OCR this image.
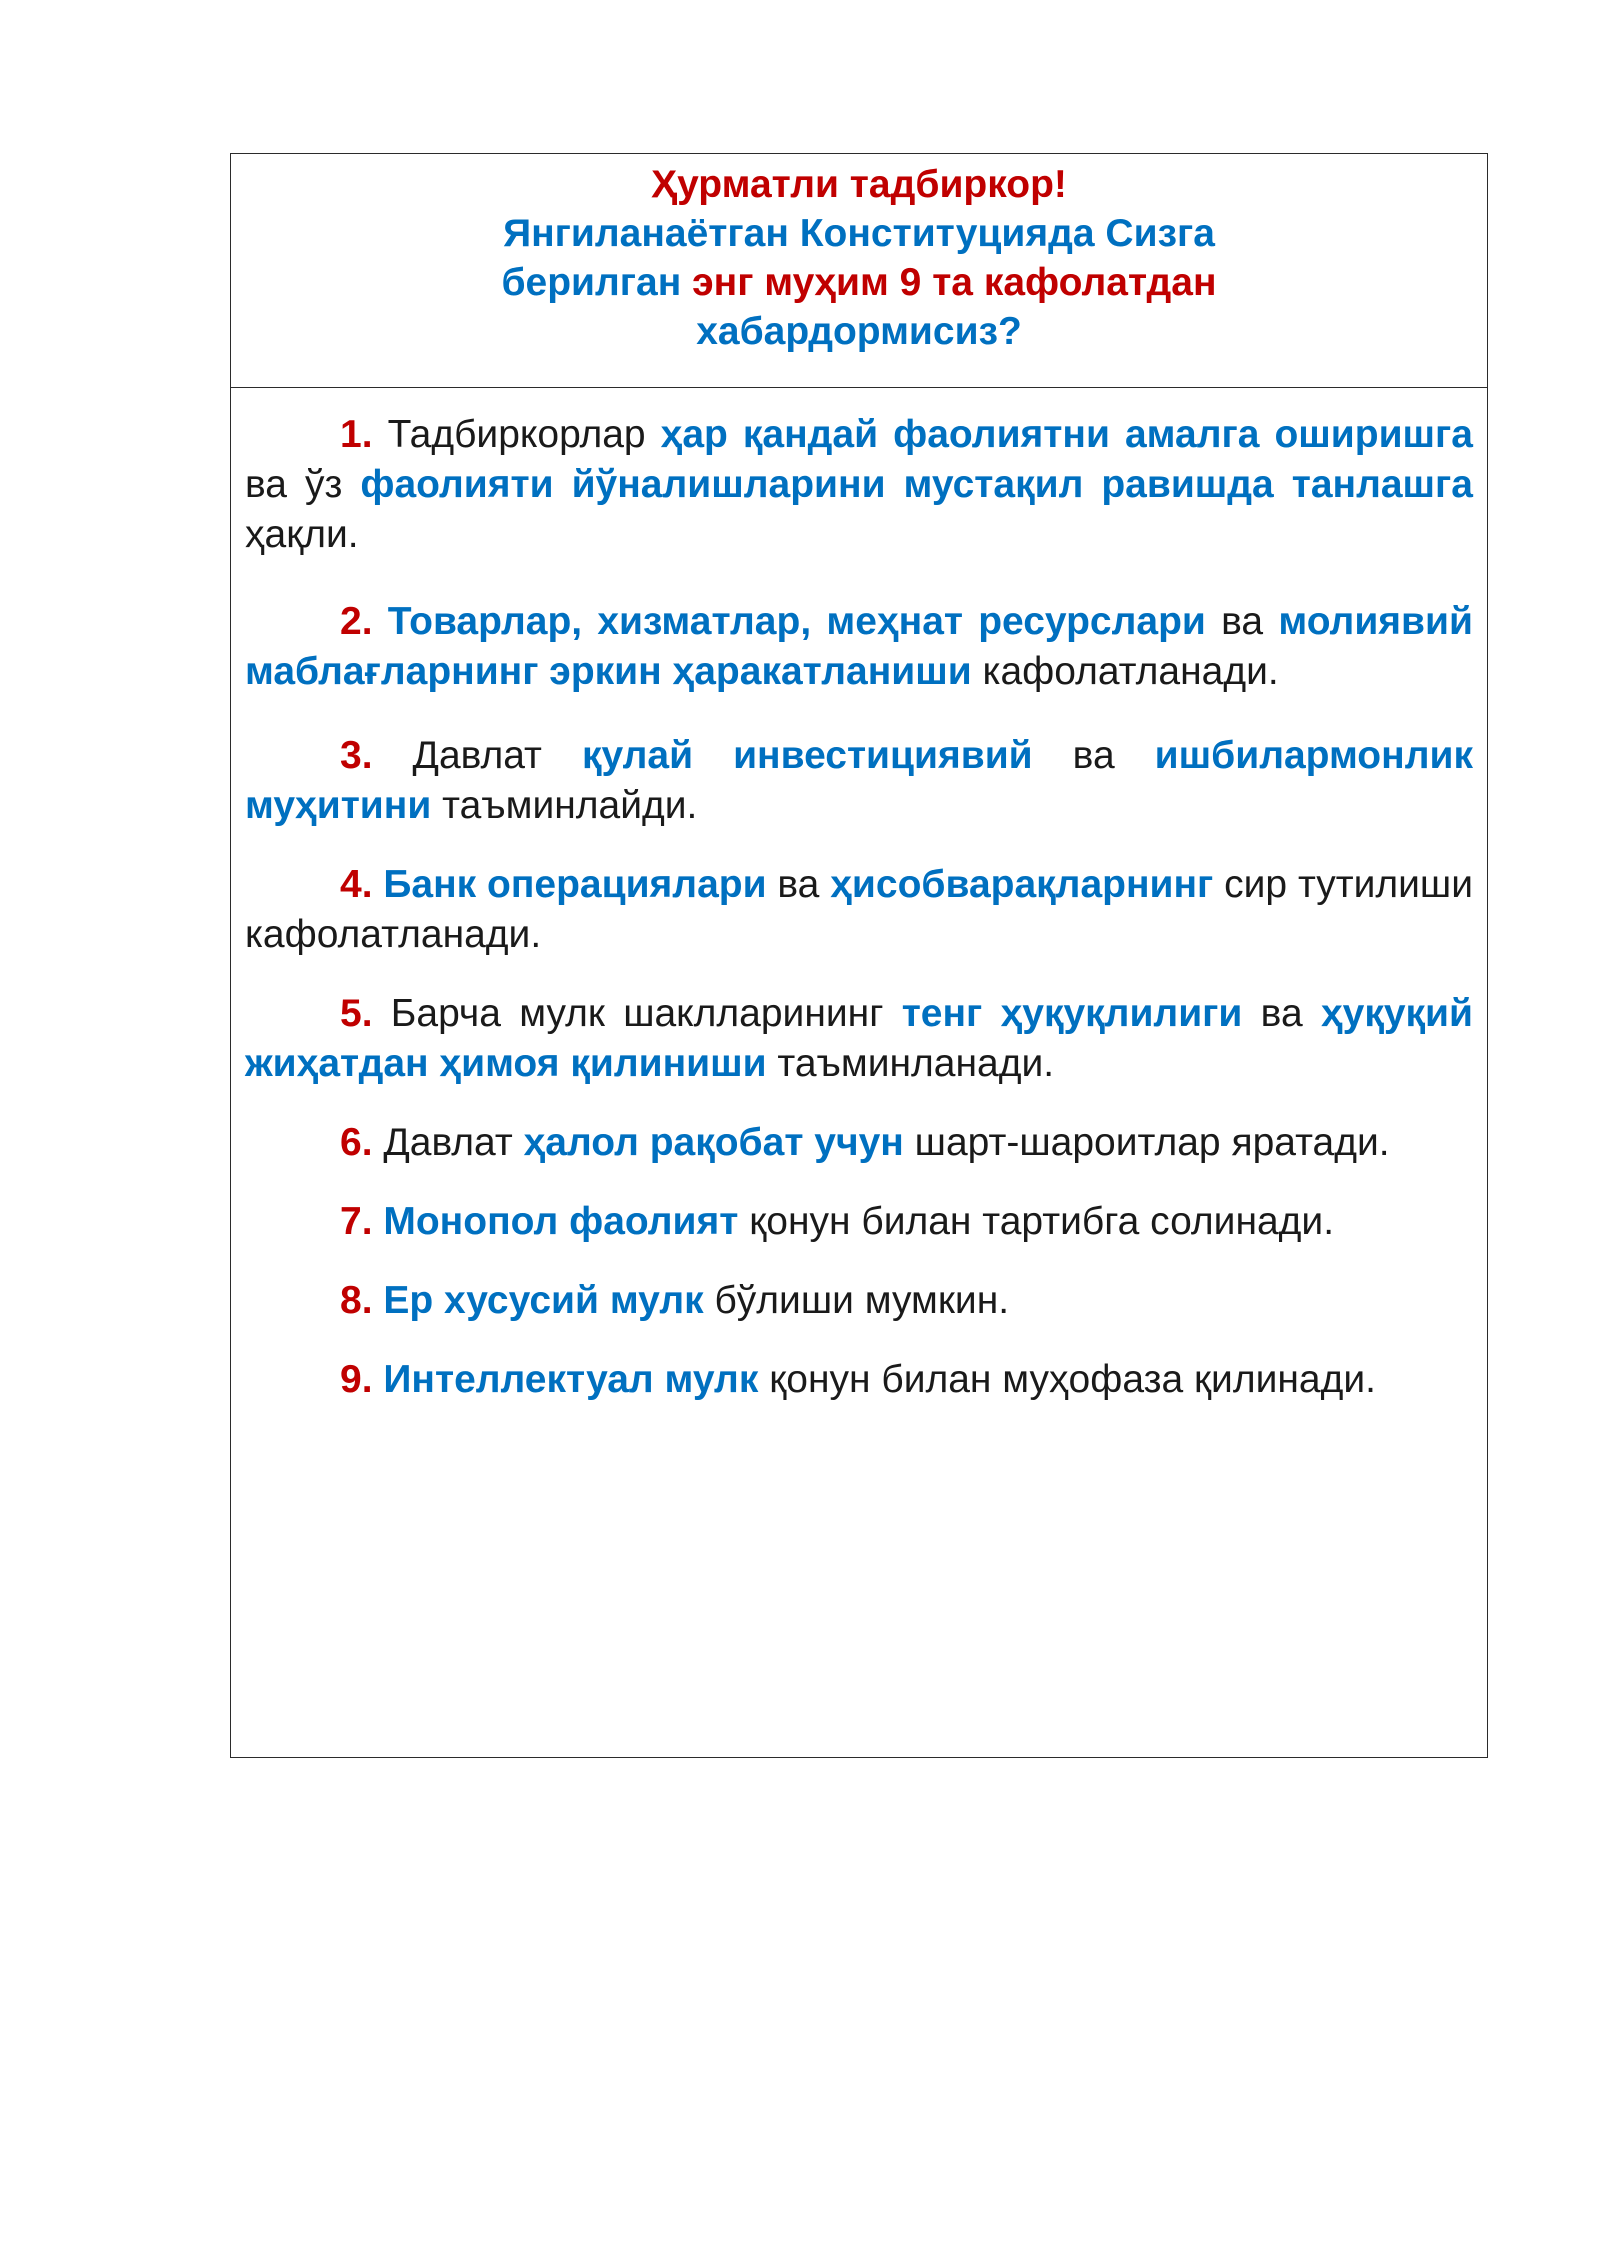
Ҳурматли тадбиркор!
Янгиланаётган Конституцияда Сизга
берилган энг муҳим 9 та кафолатдан
хабардормисиз?

1. Тадбиркорлар ҳар қандай фаолиятни амалга оширишга ва ўз фаолияти йўналишларини мустақил равишда танлашга ҳақли.

2. Товарлар, хизматлар, меҳнат ресурслари ва молиявий маблағларнинг эркин ҳаракатланиши кафолатланади.

3. Давлат қулай инвестициявий ва ишбилармонлик муҳитини таъминлайди.

4. Банк операциялари ва ҳисобварақларнинг сир тутилиши кафолатланади.

5. Барча мулк шаклларининг тенг ҳуқуқлилиги ва ҳуқуқий жиҳатдан ҳимоя қилиниши таъминланади.

6. Давлат ҳалол рақобат учун шарт-шароитлар яратади.

7. Монопол фаолият қонун билан тартибга солинади.

8. Ер хусусий мулк бўлиши мумкин.

9. Интеллектуал мулк қонун билан муҳофаза қилинади.
